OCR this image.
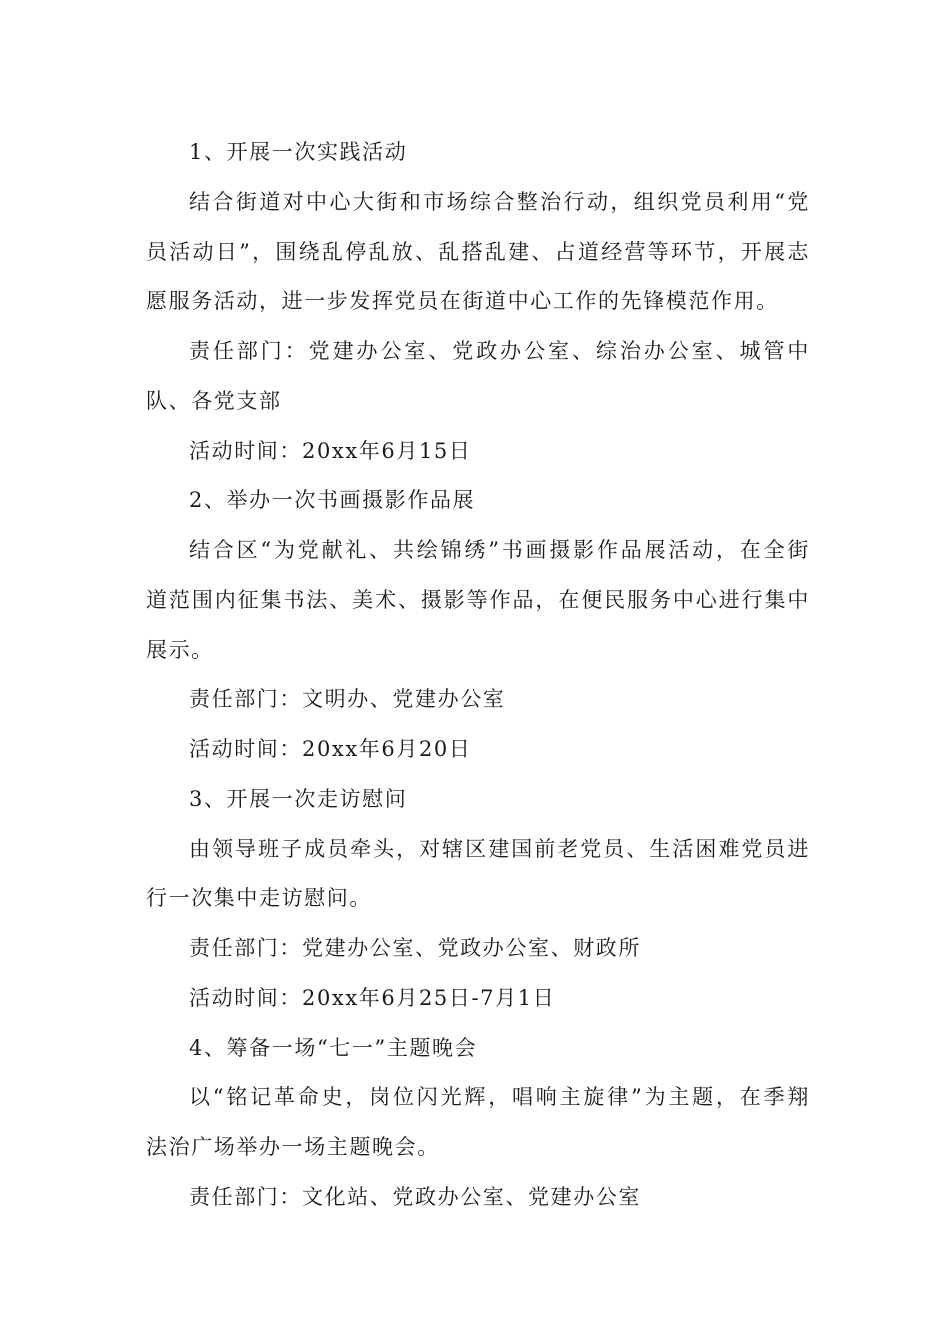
1、开展一次实践活动
结合街道对中心大街和市场综合整治行动，组织党员利用“党
员活动日”，围绕乱停乱放、乱搭乱建、占道经营等环节，开展志
愿服务活动，进一步发挥党员在街道中心工作的先锋模范作用。
责任部门：党建办公室、党政办公室、综治办公室、城管中
队、各党支部
活动时间：20xx年6月15日
2、举办一次书画摄影作品展
结合区“为党献礼、共绘锦绣”书画摄影作品展活动，在全街
道范围内征集书法、美术、摄影等作品，在便民服务中心进行集中
展示。
责任部门：文明办、党建办公室
活动时间：20xx年6月20日
3、开展一次走访慰问
由领导班子成员牵头，对辖区建国前老党员、生活困难党员进
行一次集中走访慰问。
责任部门：党建办公室、党政办公室、财政所
活动时间：20xx年6月25日-7月1日
4、筹备一场“七一”主题晚会
以“铭记革命史，岗位闪光辉，唱响主旋律”为主题，在季翔
法治广场举办一场主题晚会。
责任部门：文化站、党政办公室、党建办公室
